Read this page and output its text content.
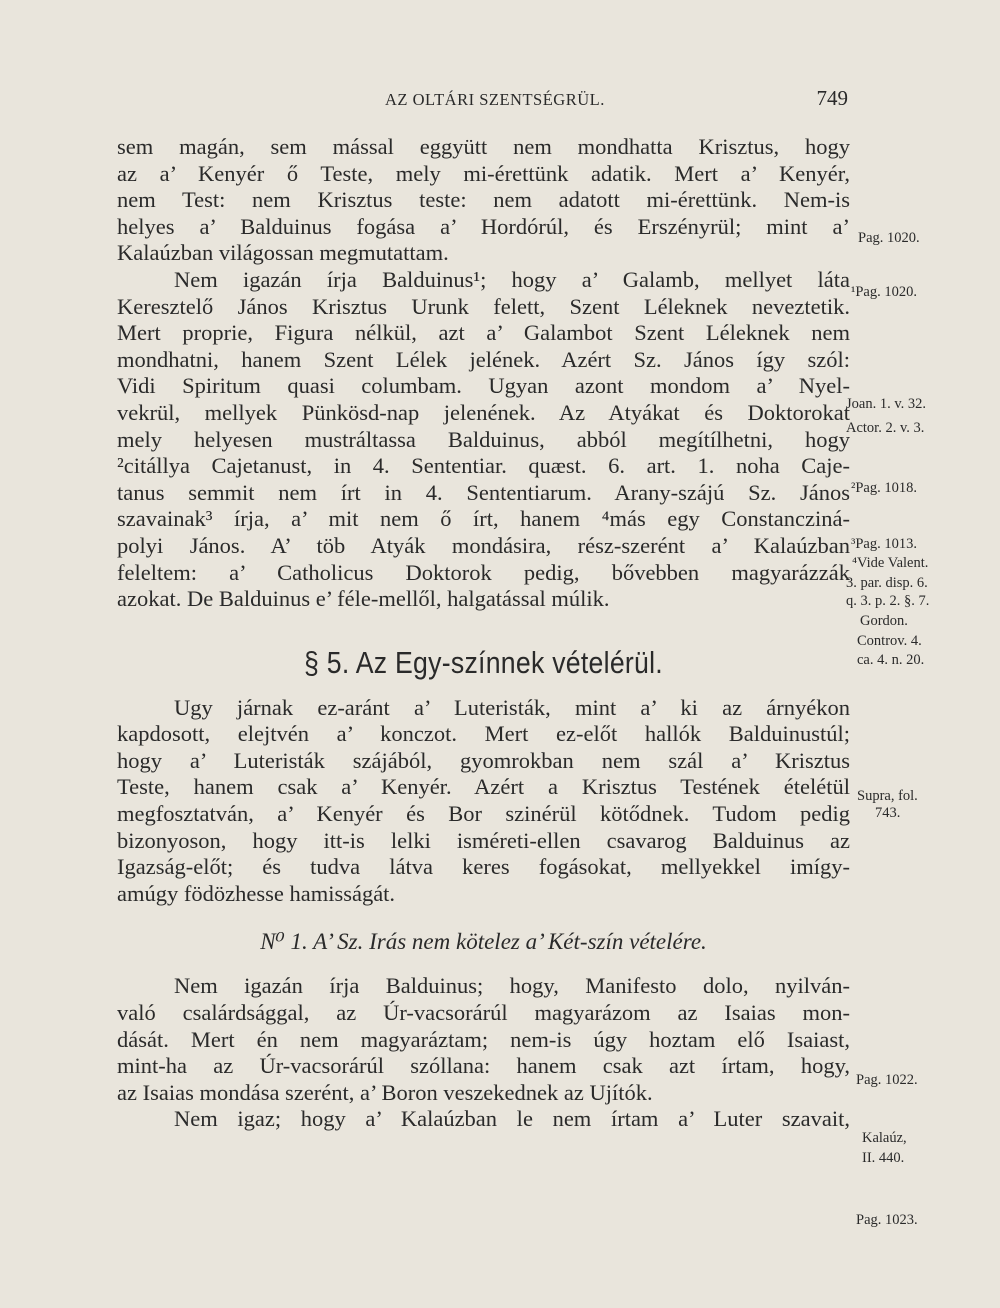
AZ OLTÁRI SZENTSÉGRÜL.	749
sem magán, sem mással eggyütt nem mondhatta Krisztus, hogy
az a’ Kenyér ő Teste, mely mi-érettünk adatik. Mert a’ Kenyér,
nem Test: nem Krisztus teste: nem adatott mi-érettünk. Nem-is
helyes a’ Balduinus fogása a’ Hordórúl, és Erszényrül; mint a’
Kalaúzban világossan megmutattam.
Nem igazán írja Balduinus¹; hogy a’ Galamb, mellyet láta
Keresztelő János Krisztus Urunk felett, Szent Léleknek neveztetik.
Mert proprie, Figura nélkül, azt a’ Galambot Szent Léleknek nem
mondhatni, hanem Szent Lélek jelének. Azért Sz. János így szól:
Vidi Spiritum quasi columbam. Ugyan azont mondom a’ Nyel-
vekrül, mellyek Pünkösd-nap jelenének. Az Atyákat és Doktorokat
mely helyesen mustráltassa Balduinus, abból megítílhetni, hogy
²citállya Cajetanust, in 4. Sententiar. quæst. 6. art. 1. noha Caje-
tanus semmit nem írt in 4. Sententiarum. Arany-szájú Sz. János
szavainak³ írja, a’ mit nem ő írt, hanem ⁴más egy Constancziná-
polyi János. A’ töb Atyák mondásira, rész-szerént a’ Kalaúzban
feleltem: a’ Catholicus Doktorok pedig, bővebben magyarázzák
azokat. De Balduinus e’ féle-mellől, halgatással múlik.
§ 5. Az Egy-színnek vételérül.
Ugy járnak ez-aránt a’ Luteristák, mint a’ ki az árnyékon
kapdosott, elejtvén a’ konczot. Mert ez-előt hallók Balduinustúl;
hogy a’ Luteristák szájából, gyomrokban nem szál a’ Krisztus
Teste, hanem csak a’ Kenyér. Azért a Krisztus Testének ételétül
megfosztatván, a’ Kenyér és Bor szinérül kötődnek. Tudom pedig
bizonyoson, hogy itt-is lelki isméreti-ellen csavarog Balduinus az
Igazság-előt; és tudva látva keres fogásokat, mellyekkel imígy-
amúgy födözhesse hamisságát.
N⁰ 1. A’ Sz. Irás nem kötelez a’ Két-szín vételére.
Nem igazán írja Balduinus; hogy, Manifesto dolo, nyilván-
való csalárdsággal, az Úr-vacsorárúl magyarázom az Isaias mon-
dását. Mert én nem magyaráztam; nem-is úgy hoztam elő Isaiast,
mint-ha az Úr-vacsorárúl szóllana: hanem csak azt írtam, hogy,
az Isaias mondása szerént, a’ Boron veszekednek az Ujítók.
Nem igaz; hogy a’ Kalaúzban le nem írtam a’ Luter szavait,
Pag. 1020.
¹Pag. 1020.
Joan. 1. v. 32.
Actor. 2. v. 3.
²Pag. 1018.
³Pag. 1013.
⁴Vide Valent.
3. par. disp. 6.
q. 3. p. 2. §. 7.
Gordon.
Controv. 4.
ca. 4. n. 20.
Supra, fol.
743.
Pag. 1022.
Kalaúz,
II. 440.
Pag. 1023.
